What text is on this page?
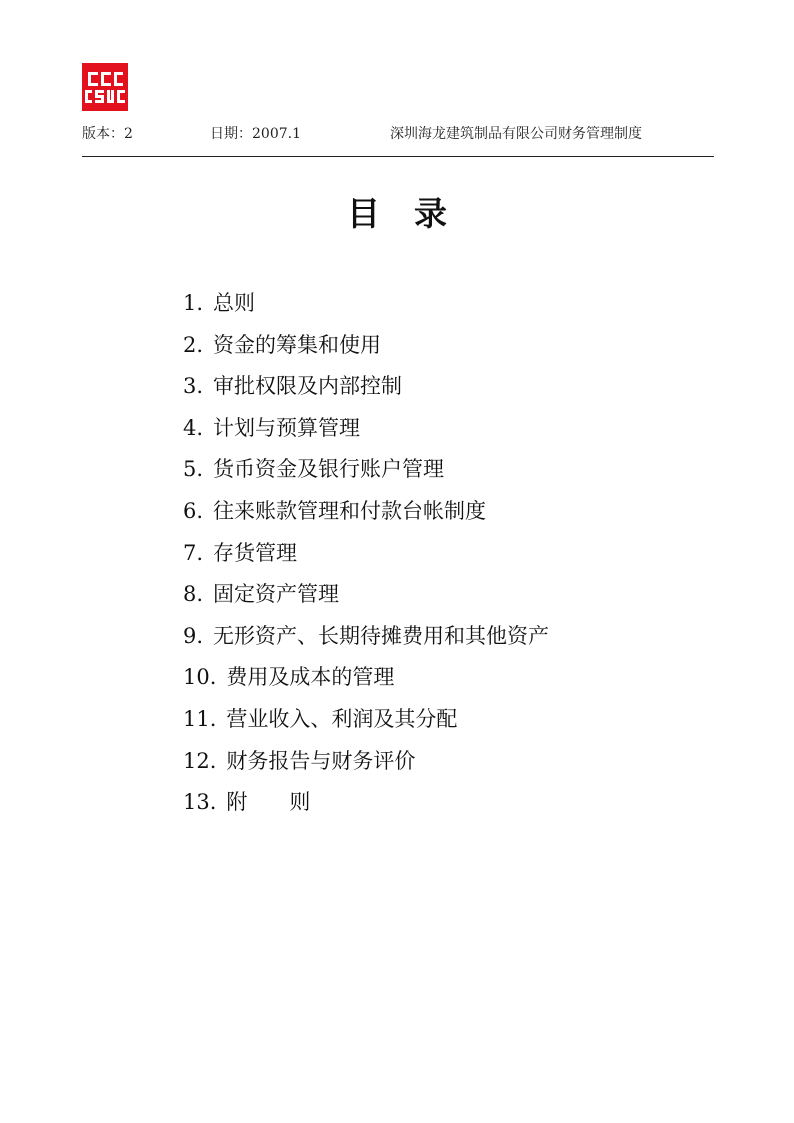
版本：2	日期：2007.1	深圳海龙建筑制品有限公司财务管理制度
目录
1. 总则
2. 资金的筹集和使用
3. 审批权限及内部控制
4. 计划与预算管理
5. 货币资金及银行账户管理
6. 往来账款管理和付款台帐制度
7. 存货管理
8. 固定资产管理
9. 无形资产、长期待摊费用和其他资产
10. 费用及成本的管理
11. 营业收入、利润及其分配
12. 财务报告与财务评价
13. 附　　则
